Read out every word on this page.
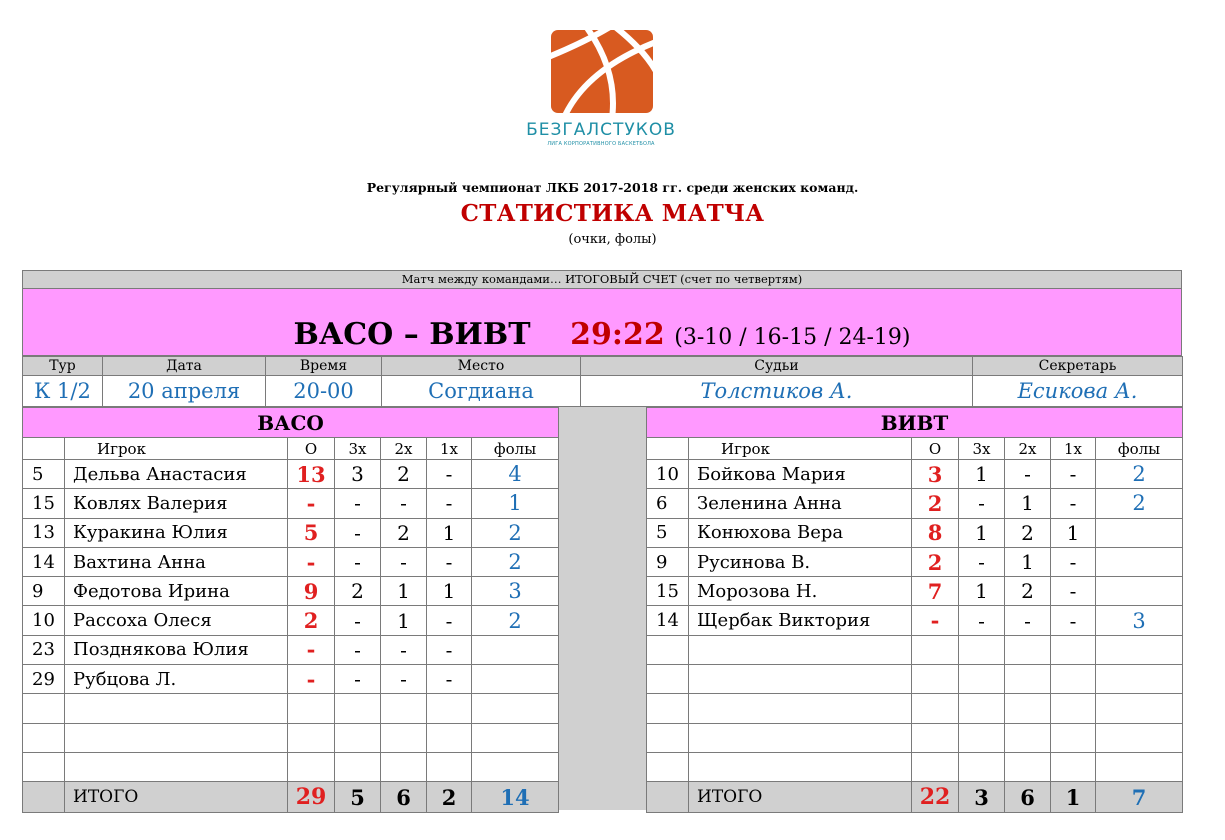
БЕЗГАЛСТУКОВ
ЛИГА КОРПОРАТИВНОГО БАСКЕТБОЛА
Регулярный чемпионат ЛКБ 2017-2018 гг. среди женских команд.
СТАТИСТИКА МАТЧА
(очки, фолы)
Матч между командами… ИТОГОВЫЙ СЧЕТ (счет по четвертям)
ВАСО – ВИВТ 29:22 (3-10 / 16-15 / 24-19)
Тур	Дата	Время	Место	Судьи	Секретарь
К 1/2	20 апреля	20-00	Согдиана	Толстиков А.	Есикова А.
ВАСО						
	Игрок	О	3х	2х	1х	фолы
5	Дельва Анастасия	13	3	2	-	4
15	Ковлях Валерия	-	-	-	-	1
13	Куракина Юлия	5	-	2	1	2
14	Вахтина Анна	-	-	-	-	2
9	Федотова Ирина	9	2	1	1	3
10	Рассоха Олеся	2	-	1	-	2
23	Позднякова Юлия	-	-	-	-	
29	Рубцова Л.	-	-	-	-	

	ИТОГО	29	5	6	2	14
ВИВТ						
	Игрок	О	3х	2х	1х	фолы
10	Бойкова Мария	3	1	-	-	2
6	Зеленина Анна	2	-	1	-	2
5	Конюхова Вера	8	1	2	1	
9	Русинова В.	2	-	1	-	
15	Морозова Н.	7	1	2	-	
14	Щербак Виктория	-	-	-	-	3

	ИТОГО	22	3	6	1	7
